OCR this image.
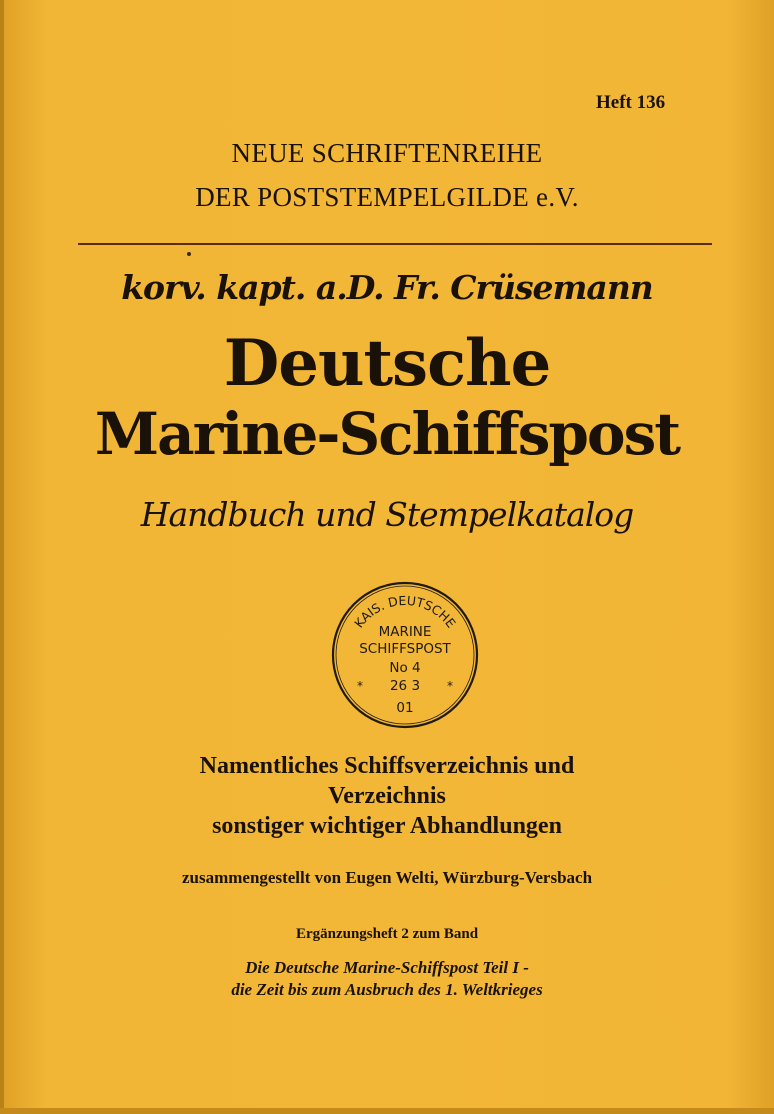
Heft 136
NEUE SCHRIFTENREIHE
DER POSTSTEMPELGILDE e.V.
korv. kapt. a.D. Fr. Crüsemann
Deutsche
Marine-Schiffspost
Handbuch und Stempelkatalog
KAIS. DEUTSCHE
MARINE
SCHIFFSPOST
No 4
* 26 3 *
01
Namentliches Schiffsverzeichnis und
Verzeichnis
sonstiger wichtiger Abhandlungen
zusammengestellt von Eugen Welti, Würzburg-Versbach
Ergänzungsheft 2 zum Band
Die Deutsche Marine-Schiffspost Teil I -
die Zeit bis zum Ausbruch des 1. Weltkrieges
